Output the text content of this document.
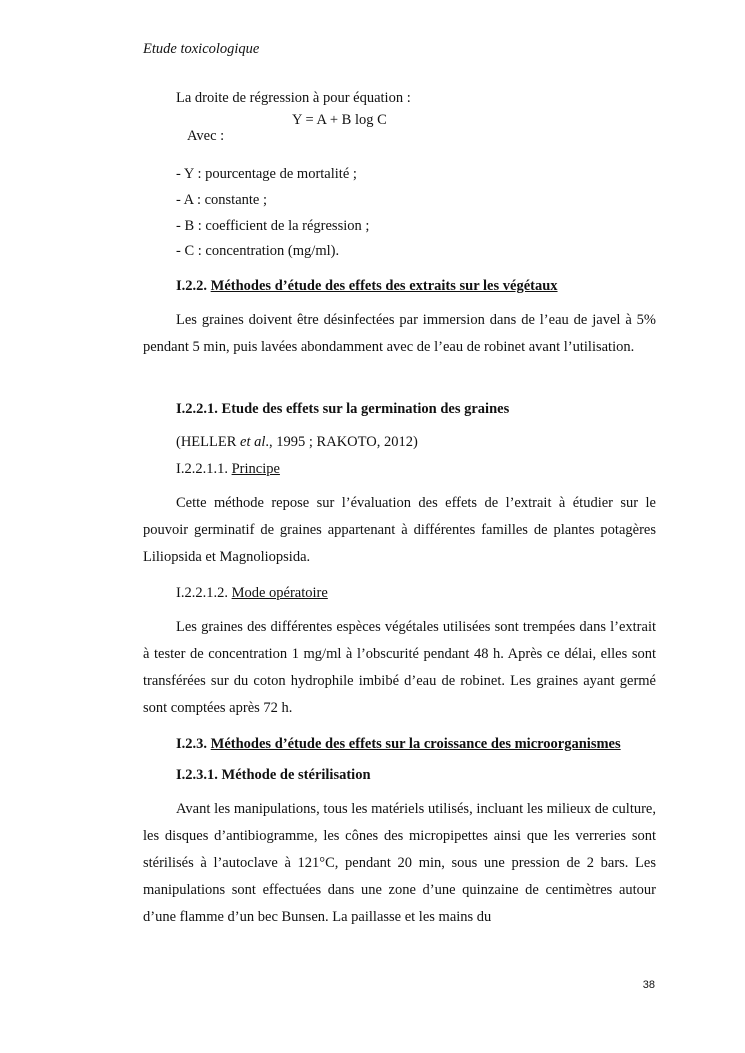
Etude toxicologique
La droite de régression à pour équation :
Y = A + B log C
Avec :
- Y : pourcentage de mortalité ;
- A : constante ;
- B : coefficient de la régression ;
- C : concentration (mg/ml).
I.2.2. Méthodes d’étude des effets des extraits sur les végétaux

Les graines doivent être désinfectées par immersion dans de l’eau de javel à 5% pendant 5 min, puis lavées abondamment avec de l’eau de robinet avant l’utilisation.

I.2.2.1. Etude des effets sur la germination des graines
(HELLER et al., 1995 ; RAKOTO, 2012)
I.2.2.1.1. Principe

Cette méthode repose sur l’évaluation des effets de l’extrait à étudier sur le pouvoir germinatif de graines appartenant à différentes familles de plantes potagères Liliopsida et Magnoliopsida.

I.2.2.1.2. Mode opératoire

Les graines des différentes espèces végétales utilisées sont trempées dans l’extrait à tester de concentration 1 mg/ml à l’obscurité pendant 48 h. Après ce délai, elles sont transférées sur du coton hydrophile imbibé d’eau de robinet. Les graines ayant germé sont comptées après 72 h.

I.2.3. Méthodes d’étude des effets sur la croissance des microorganismes
I.2.3.1. Méthode de stérilisation

Avant les manipulations, tous les matériels utilisés, incluant les milieux de culture, les disques d’antibiogramme, les cônes des micropipettes ainsi que les verreries sont stérilisés à l’autoclave à 121°C, pendant 20 min, sous une pression de 2 bars. Les manipulations sont effectuées dans une zone d’une quinzaine de centimètres autour d’une flamme d’un bec Bunsen. La paillasse et les mains du

38
